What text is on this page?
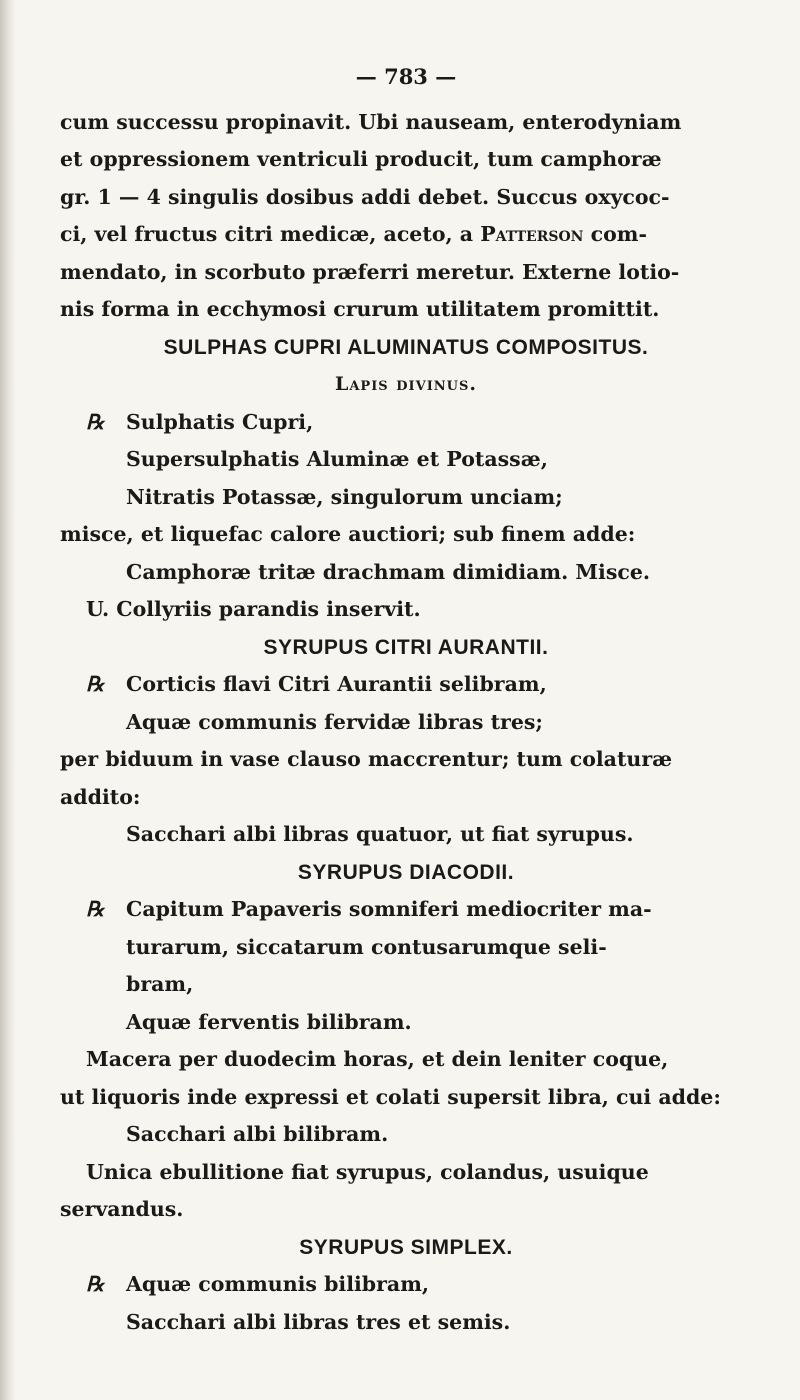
— 783 —
cum successu propinavit. Ubi nauseam, enterodyniam
et oppressionem ventriculi producit, tum camphoræ
gr. 1 — 4 singulis dosibus addi debet. Succus oxycoc-
ci, vel fructus citri medicæ, aceto, a Patterson com-
mendato, in scorbuto præferri meretur. Externe lotio-
nis forma in ecchymosi crurum utilitatem promittit.
SULPHAS CUPRI ALUMINATUS COMPOSITUS.
Lapis divinus.
℞ Sulphatis Cupri,
Supersulphatis Aluminæ et Potassæ,
Nitratis Potassæ, singulorum unciam;
misce, et liquefac calore auctiori; sub finem adde:
Camphoræ tritæ drachmam dimidiam. Misce.
U. Collyriis parandis inservit.
SYRUPUS CITRI AURANTII.
℞ Corticis flavi Citri Aurantii selibram,
Aquæ communis fervidæ libras tres;
per biduum in vase clauso maccrentur; tum colaturæ
addito:
Sacchari albi libras quatuor, ut fiat syrupus.
SYRUPUS DIACODII.
℞ Capitum Papaveris somniferi mediocriter ma-
turarum, siccatarum contusarumque seli-
bram,
Aquæ ferventis bilibram.
Macera per duodecim horas, et dein leniter coque,
ut liquoris inde expressi et colati supersit libra, cui adde:
Sacchari albi bilibram.
Unica ebullitione fiat syrupus, colandus, usuique
servandus.
SYRUPUS SIMPLEX.
℞ Aquæ communis bilibram,
Sacchari albi libras tres et semis.
